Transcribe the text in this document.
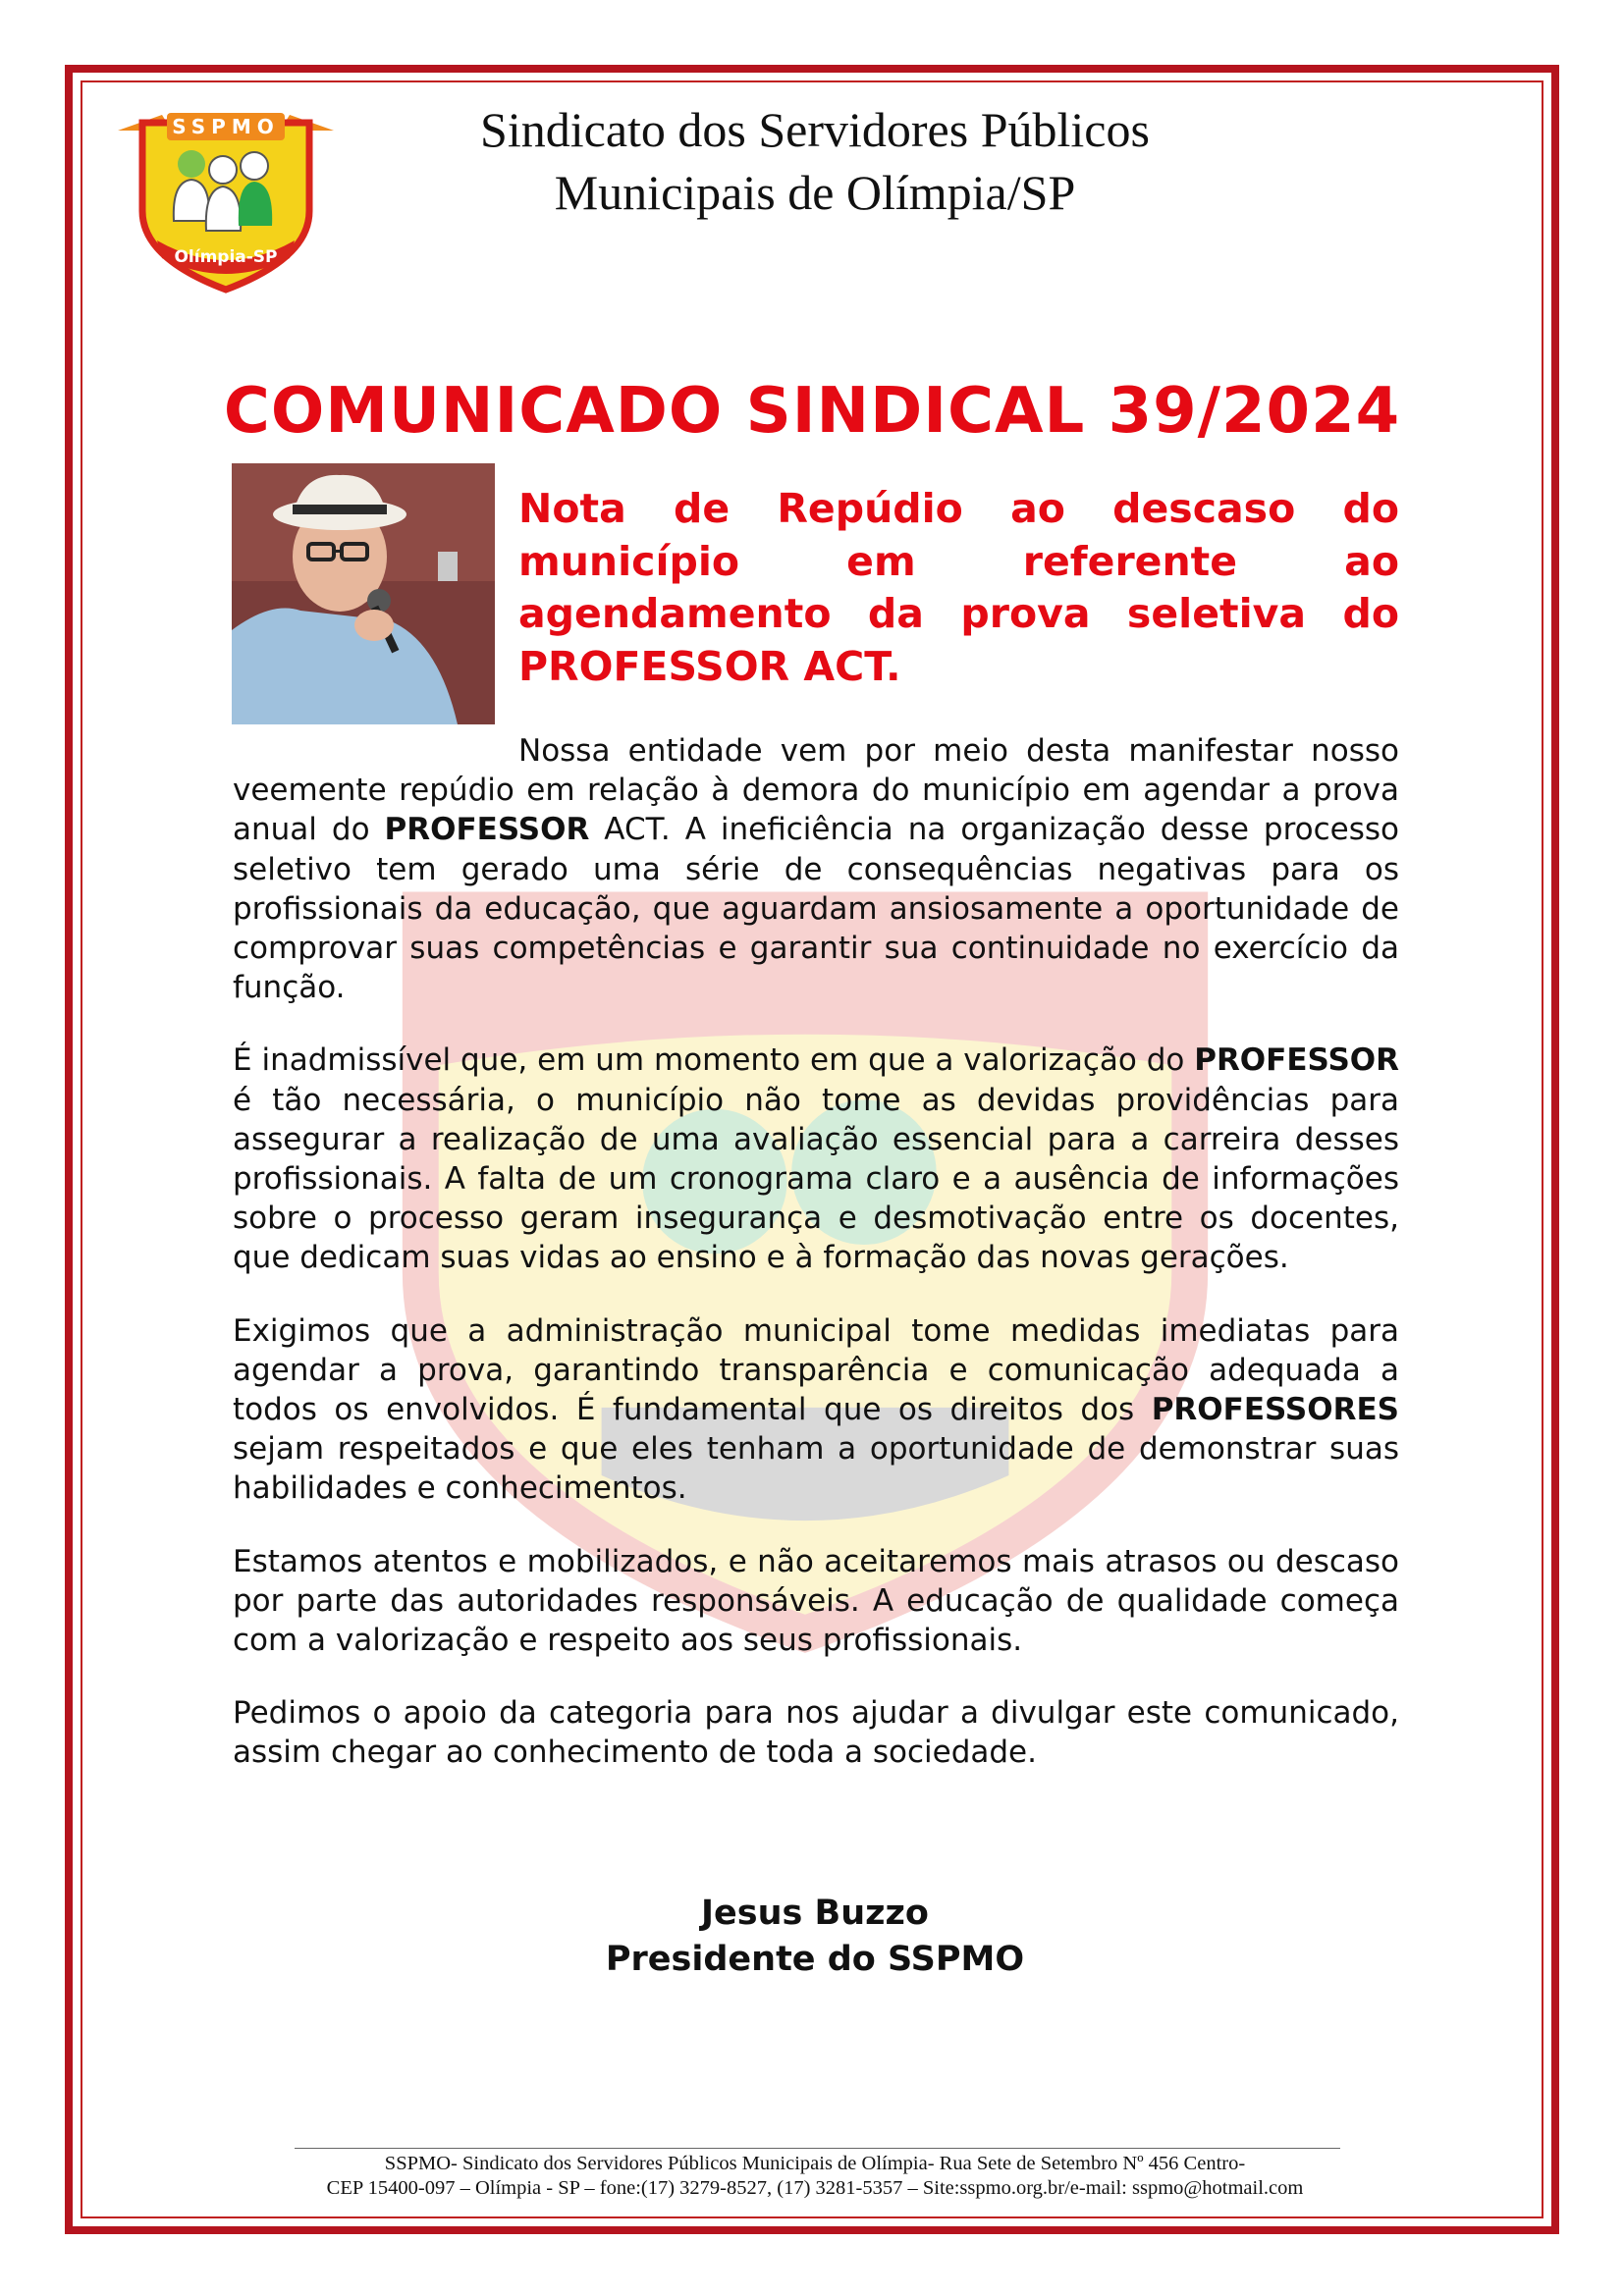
SSPMO
Olímpia-SP
Sindicato dos Servidores Públicos
Municipais de Olímpia/SP
COMUNICADO SINDICAL 39/2024
Nota de Repúdio ao descaso do
município em referente ao
agendamento da prova seletiva do
PROFESSOR ACT.

Nossa entidade vem por meio desta manifestar nosso veemente repúdio em relação à demora do município em agendar a prova anual do PROFESSOR ACT. A ineficiência na organização desse processo seletivo tem gerado uma série de consequências negativas para os profissionais da educação, que aguardam ansiosamente a oportunidade de comprovar suas competências e garantir sua continuidade no exercício da função.

É inadmissível que, em um momento em que a valorização do PROFESSOR é tão necessária, o município não tome as devidas providências para assegurar a realização de uma avaliação essencial para a carreira desses profissionais. A falta de um cronograma claro e a ausência de informações sobre o processo geram insegurança e desmotivação entre os docentes, que dedicam suas vidas ao ensino e à formação das novas gerações.

Exigimos que a administração municipal tome medidas imediatas para agendar a prova, garantindo transparência e comunicação adequada a todos os envolvidos. É fundamental que os direitos dos PROFESSORES sejam respeitados e que eles tenham a oportunidade de demonstrar suas habilidades e conhecimentos.

Estamos atentos e mobilizados, e não aceitaremos mais atrasos ou descaso por parte das autoridades responsáveis. A educação de qualidade começa com a valorização e respeito aos seus profissionais.

Pedimos o apoio da categoria para nos ajudar a divulgar este comunicado, assim chegar ao conhecimento de toda a sociedade.

Jesus Buzzo
Presidente do SSPMO
SSPMO- Sindicato dos Servidores Públicos Municipais de Olímpia- Rua Sete de Setembro Nº 456 Centro-
CEP 15400-097 – Olímpia - SP – fone:(17) 3279-8527, (17) 3281-5357 – Site:sspmo.org.br/e-mail: sspmo@hotmail.com
